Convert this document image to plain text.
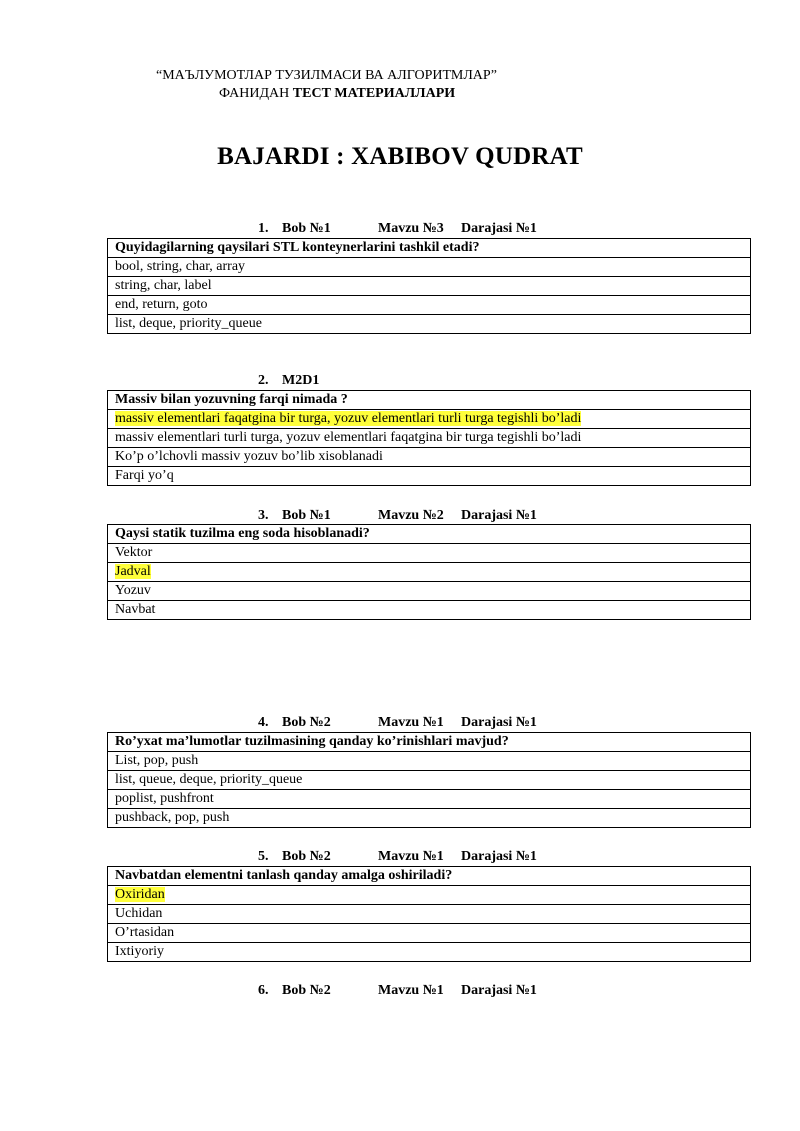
“МАЪЛУМОТЛАР ТУЗИЛМАСИ ВА АЛГОРИТМЛАР”
ФАНИДАН ТЕСТ МАТЕРИАЛЛАРИ
BAJARDI : XABIBOV QUDRAT
1. Bob №1	Mavzu №3 Darajasi №1
Quyidagilarning qaysilari STL konteynerlarini tashkil etadi?
bool, string, char, array
string, char, label
end, return, goto
list, deque, priority_queue
2. M2D1
Massiv bilan yozuvning farqi nimada ?
massiv elementlari faqatgina bir turga, yozuv elementlari turli turga tegishli bo’ladi
massiv elementlari turli turga, yozuv elementlari faqatgina bir turga tegishli bo’ladi
Ko’p o’lchovli massiv yozuv bo’lib xisoblanadi
Farqi yo’q
3. Bob №1	Mavzu №2 Darajasi №1
Qaysi statik tuzilma eng soda hisoblanadi?
Vektor
Jadval
Yozuv
Navbat
4. Bob №2	Mavzu №1 Darajasi №1
Ro’yxat ma’lumotlar tuzilmasining qanday ko’rinishlari mavjud?
List, pop, push
list, queue, deque, priority_queue
poplist, pushfront
pushback, pop, push
5. Bob №2	Mavzu №1 Darajasi №1
Navbatdan elementni tanlash qanday amalga oshiriladi?
Oxiridan
Uchidan
O’rtasidan
Ixtiyoriy
6. Bob №2	Mavzu №1 Darajasi №1
